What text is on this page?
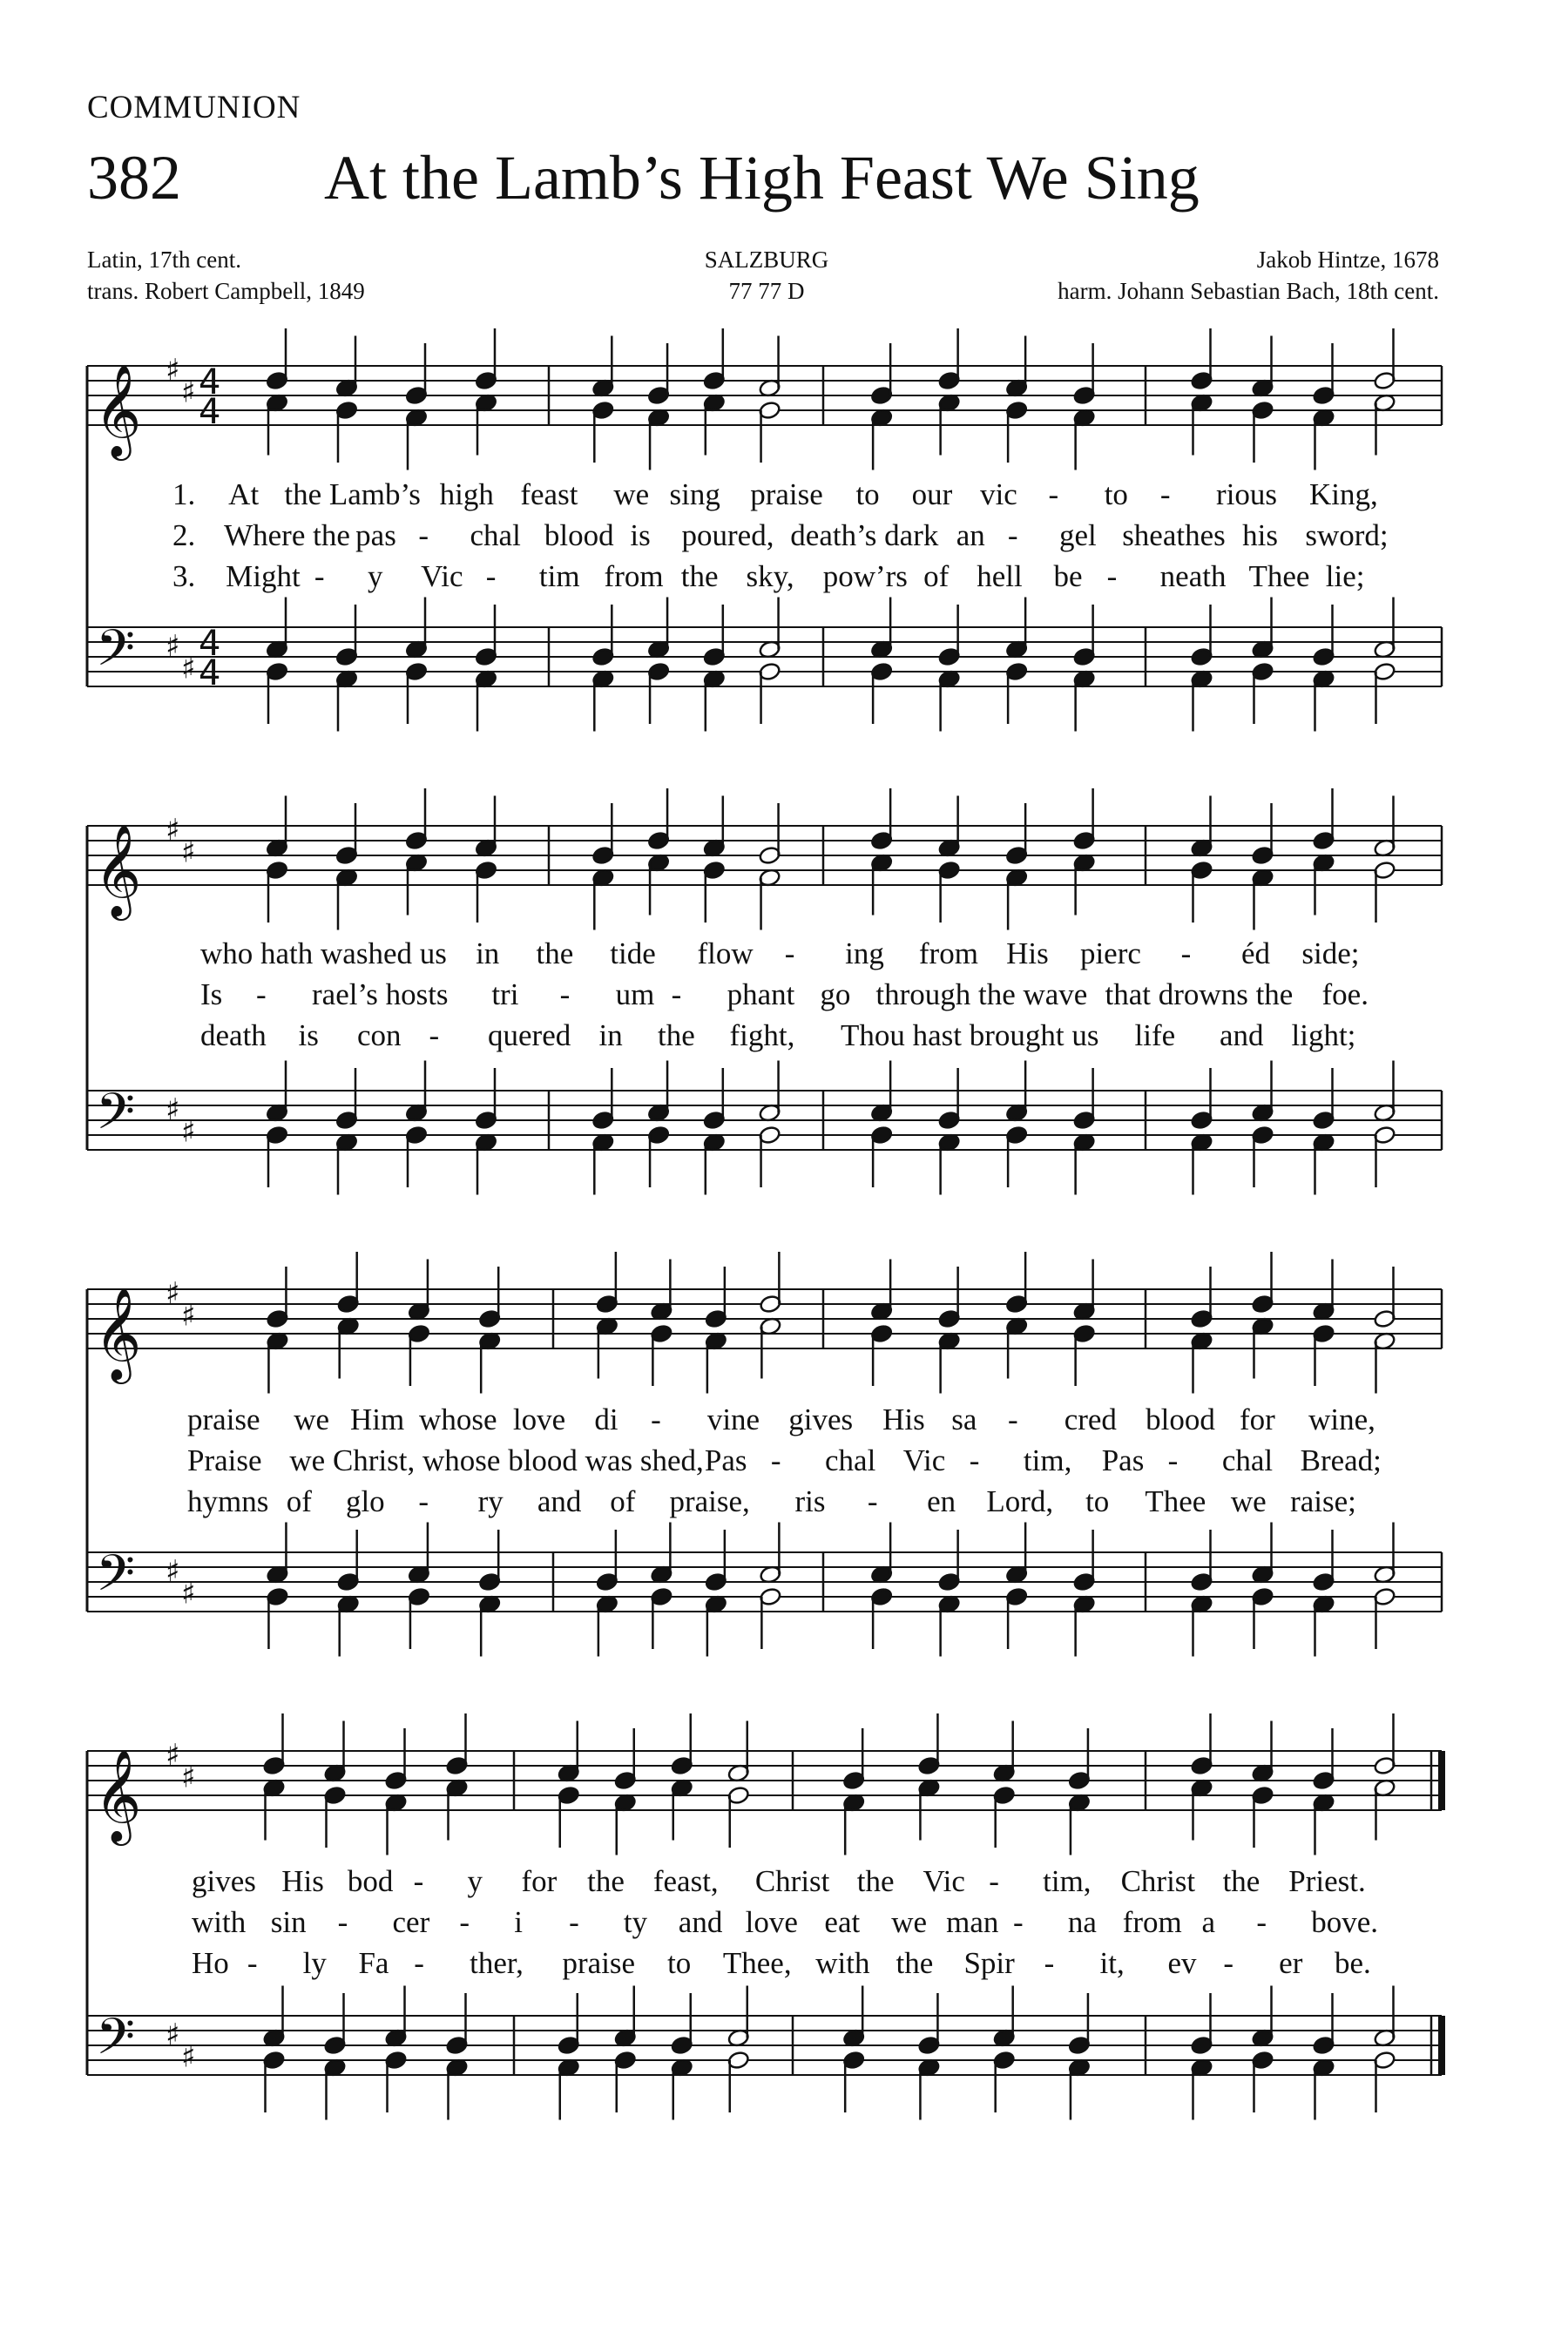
COMMUNION
382 At the Lamb’s High Feast We Sing
Latin, 17th cent.
trans. Robert Campbell, 1849
SALZBURG
77 77 D
Jakob Hintze, 1678
harm. Johann Sebastian Bach, 18th cent.
𝄞
𝄢
♯
♯
♯
♯
4
4
4
4
𝄞
𝄢
♯
♯
♯
♯
𝄞
𝄢
♯
♯
♯
♯
𝄞
𝄢
♯
♯
♯
♯
1. At the Lamb’s high feast we sing praise to our vic - to - rious King,
2. Where the pas - chal blood is poured, death’s dark an - gel sheathes his sword;
3. Might - y Vic - tim from the sky, pow’rs of hell be - neath Thee lie;
who hath washed us in the tide flow - ing from His pierc - éd side;
Is - rael’s hosts tri - um - phant go through the wave that drowns the foe.
death is con - quered in the fight, Thou hast brought us life and light;
praise we Him whose love di - vine gives His sa - cred blood for wine,
Praise we Christ, whose blood was shed, Pas - chal Vic - tim, Pas - chal Bread;
hymns of glo - ry and of praise, ris - en Lord, to Thee we raise;
gives His bod - y for the feast, Christ the Vic - tim, Christ the Priest.
with sin - cer - i - ty and love eat we man - na from a - bove.
Ho - ly Fa - ther, praise to Thee, with the Spir - it, ev - er be.
